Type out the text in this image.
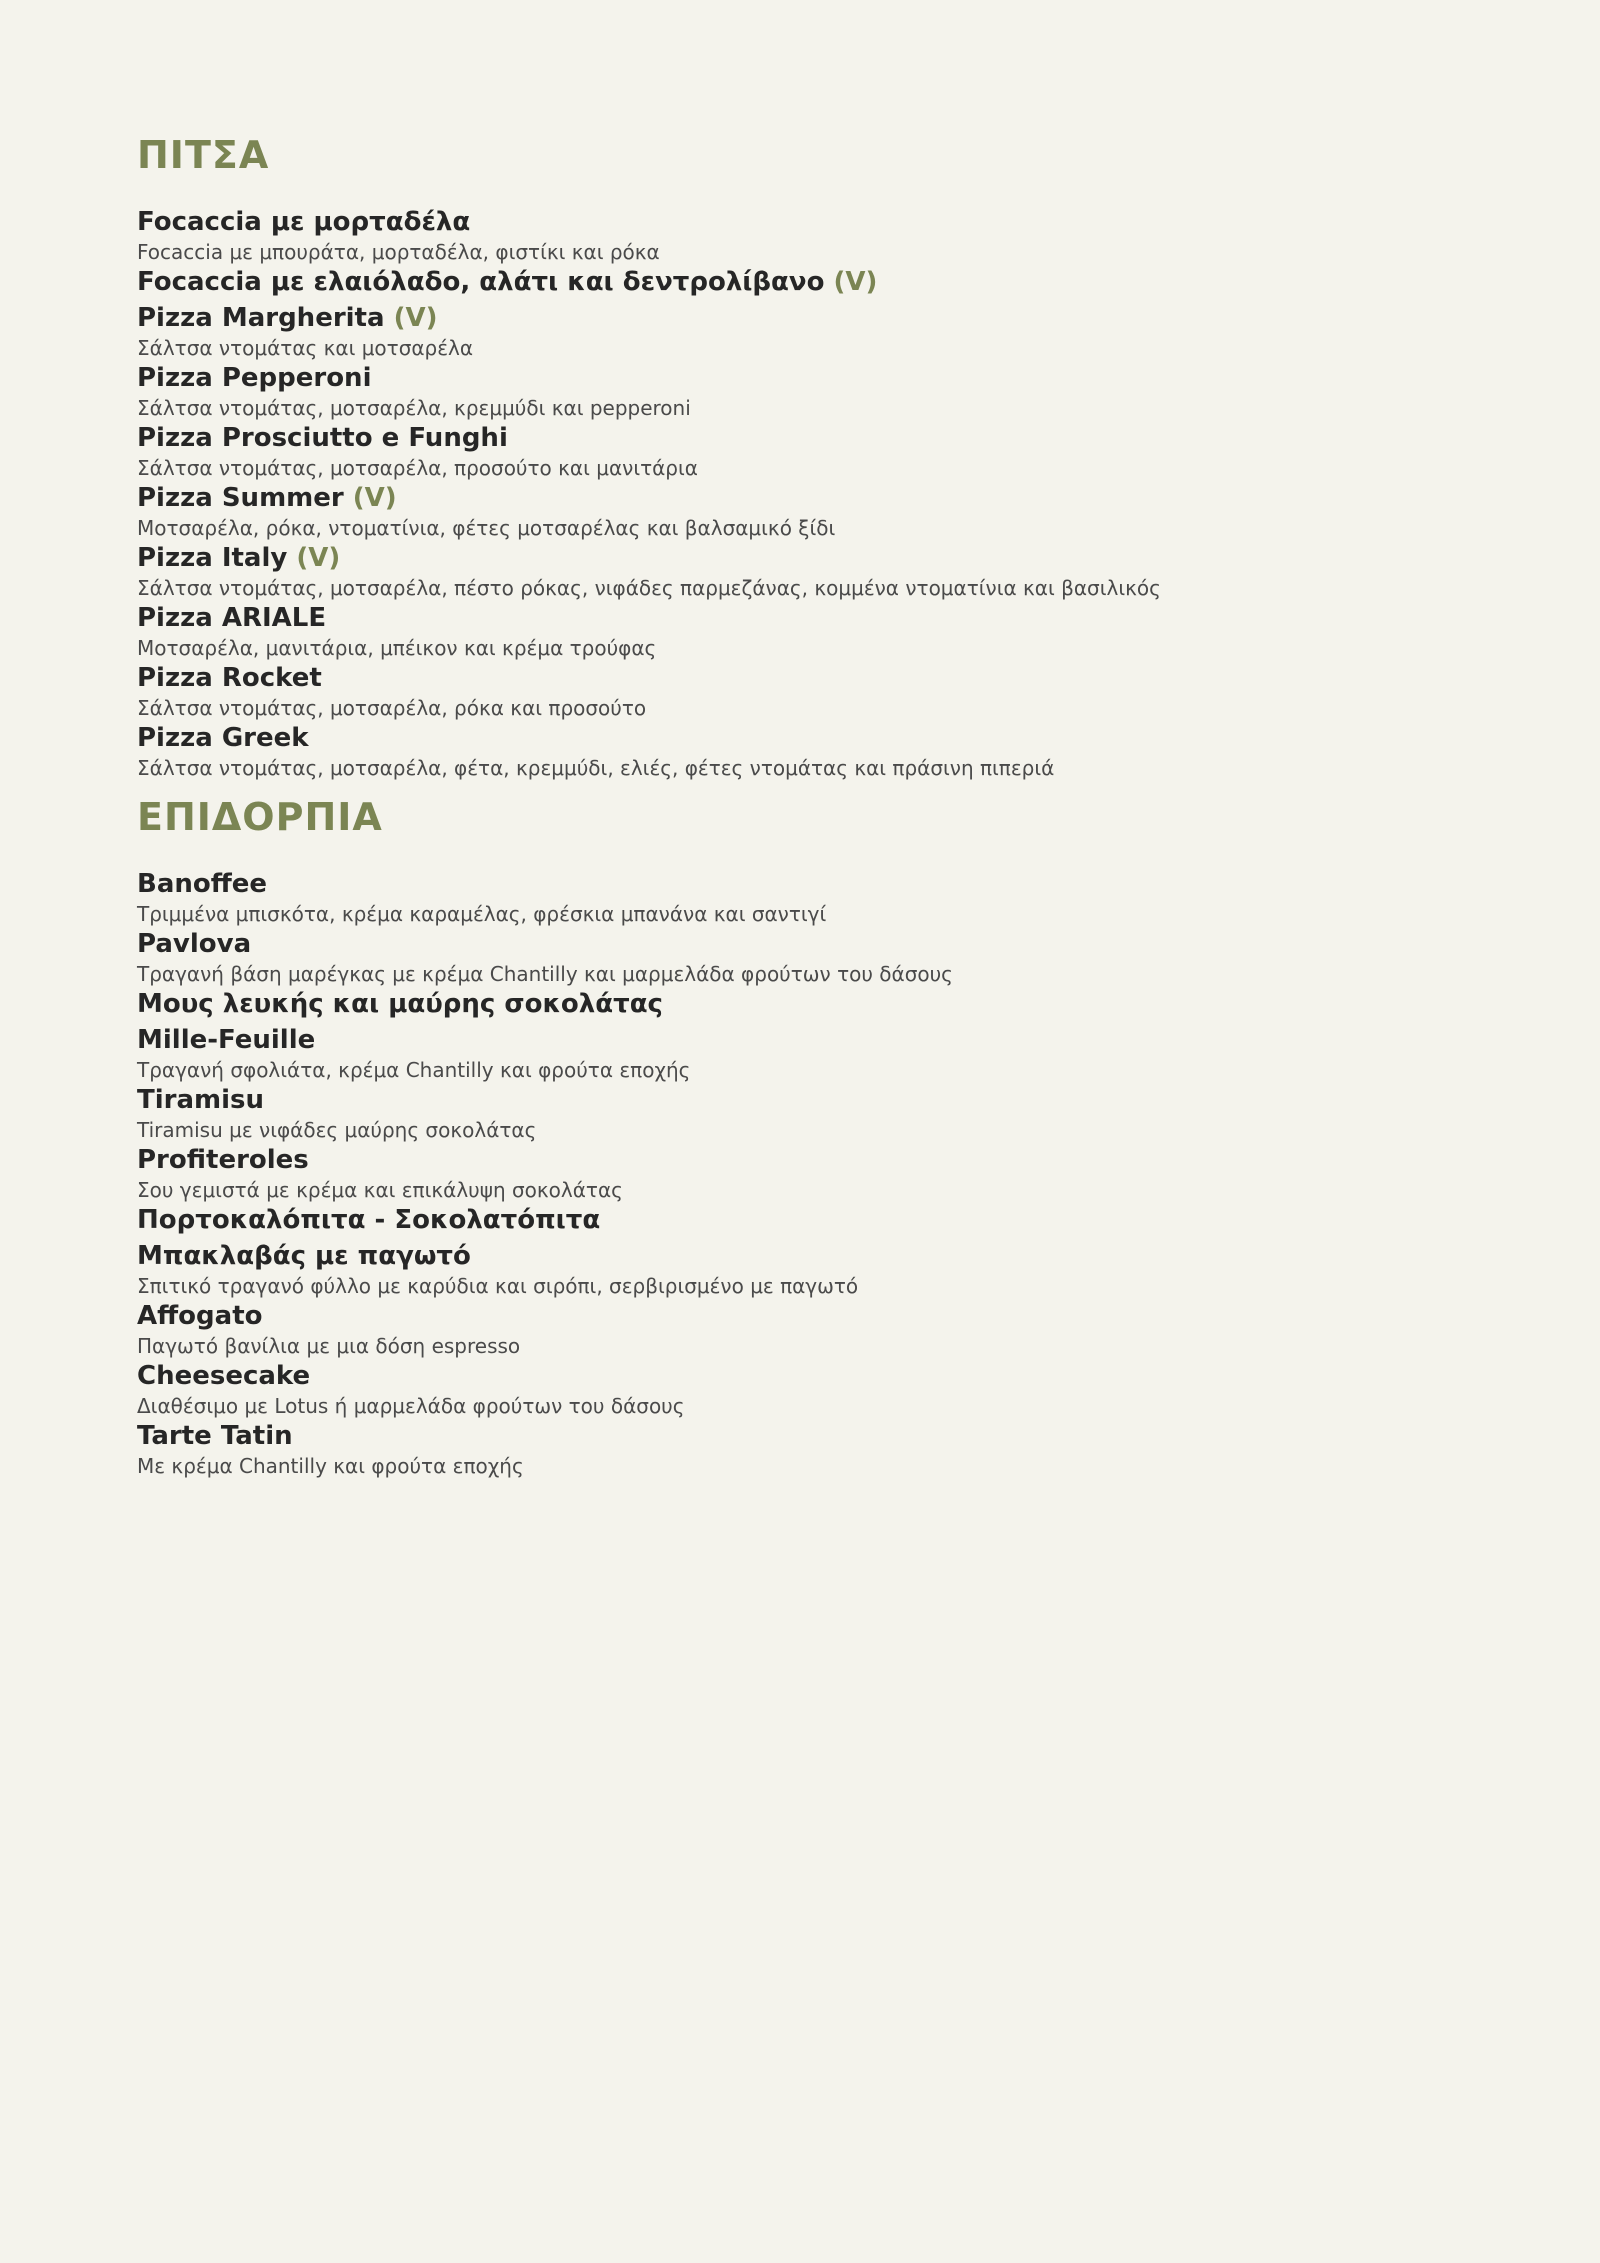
ΠΙΤΣΑ
Focaccia με μορταδέλα
Focaccia με μπουράτα, μορταδέλα, φιστίκι και ρόκα
Focaccia με ελαιόλαδο, αλάτι και δεντρολίβανο (V)
Pizza Margherita (V)
Σάλτσα ντομάτας και μοτσαρέλα
Pizza Pepperoni
Σάλτσα ντομάτας, μοτσαρέλα, κρεμμύδι και pepperoni
Pizza Prosciutto e Funghi
Σάλτσα ντομάτας, μοτσαρέλα, προσούτο και μανιτάρια
Pizza Summer (V)
Μοτσαρέλα, ρόκα, ντοματίνια, φέτες μοτσαρέλας και βαλσαμικό ξίδι
Pizza Italy (V)
Σάλτσα ντομάτας, μοτσαρέλα, πέστο ρόκας, νιφάδες παρμεζάνας, κομμένα ντοματίνια και βασιλικός
Pizza ARIALE
Μοτσαρέλα, μανιτάρια, μπέικον και κρέμα τρούφας
Pizza Rocket
Σάλτσα ντομάτας, μοτσαρέλα, ρόκα και προσούτο
Pizza Greek
Σάλτσα ντομάτας, μοτσαρέλα, φέτα, κρεμμύδι, ελιές, φέτες ντομάτας και πράσινη πιπεριά
ΕΠΙΔΟΡΠΙΑ
Banoffee
Τριμμένα μπισκότα, κρέμα καραμέλας, φρέσκια μπανάνα και σαντιγί
Pavlova
Τραγανή βάση μαρέγκας με κρέμα Chantilly και μαρμελάδα φρούτων του δάσους
Μους λευκής και μαύρης σοκολάτας
Mille-Feuille
Τραγανή σφολιάτα, κρέμα Chantilly και φρούτα εποχής
Tiramisu
Tiramisu με νιφάδες μαύρης σοκολάτας
Profiteroles
Σου γεμιστά με κρέμα και επικάλυψη σοκολάτας
Πορτοκαλόπιτα - Σοκολατόπιτα
Μπακλαβάς με παγωτό
Σπιτικό τραγανό φύλλο με καρύδια και σιρόπι, σερβιρισμένο με παγωτό
Affogato
Παγωτό βανίλια με μια δόση espresso
Cheesecake
Διαθέσιμο με Lotus ή μαρμελάδα φρούτων του δάσους
Tarte Tatin
Με κρέμα Chantilly και φρούτα εποχής
